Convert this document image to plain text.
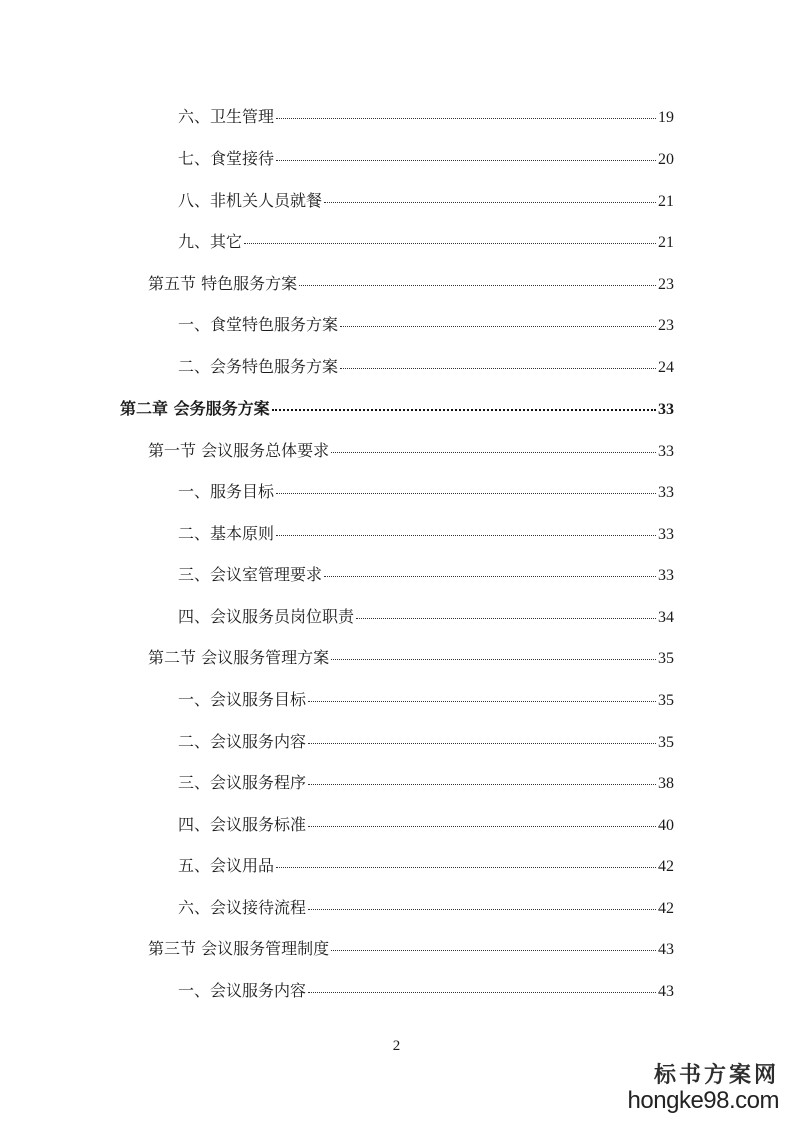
六、卫生管理	19
七、食堂接待	20
八、非机关人员就餐	21
九、其它	21
第五节 特色服务方案	23
一、食堂特色服务方案	23
二、会务特色服务方案	24
第二章 会务服务方案	33
第一节 会议服务总体要求	33
一、服务目标	33
二、基本原则	33
三、会议室管理要求	33
四、会议服务员岗位职责	34
第二节 会议服务管理方案	35
一、会议服务目标	35
二、会议服务内容	35
三、会议服务程序	38
四、会议服务标准	40
五、会议用品	42
六、会议接待流程	42
第三节 会议服务管理制度	43
一、会议服务内容	43
2
标书方案网
hongke98.com
